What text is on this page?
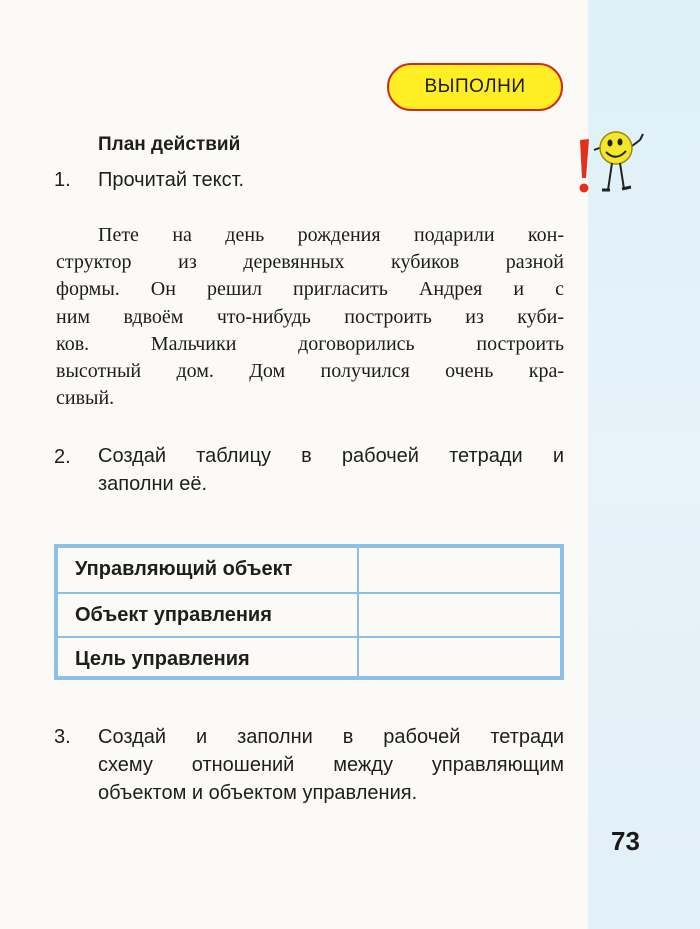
ВЫПОЛНИ
План действий
1. Прочитай текст.
Пете на день рождения подарили кон-
структор из деревянных кубиков разной
формы. Он решил пригласить Андрея и с
ним вдвоём что-нибудь построить из куби-
ков. Мальчики договорились построить
высотный дом. Дом получился очень кра-
сивый.
2. Создай таблицу в рабочей тетради и
заполни её.
Управляющий объект
Объект управления
Цель управления
3. Создай и заполни в рабочей тетради
схему отношений между управляющим
объектом и объектом управления.
73
